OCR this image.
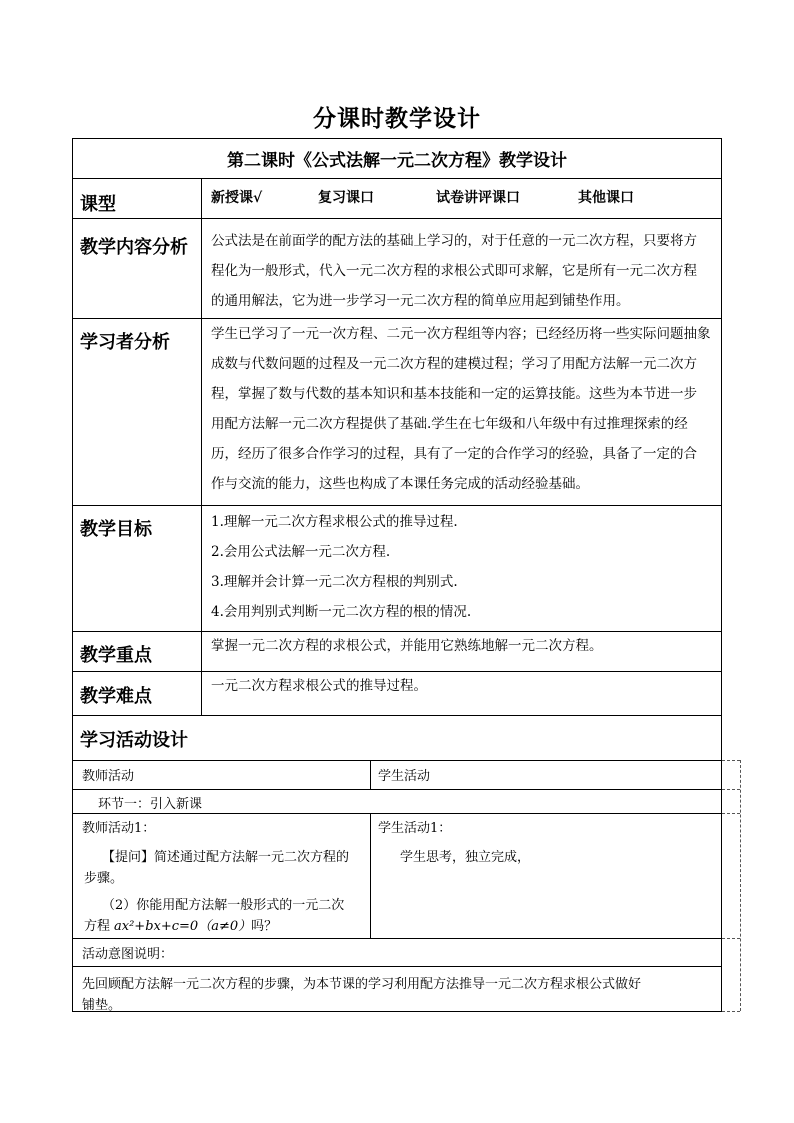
分课时教学设计
第二课时《公式法解一元二次方程》教学设计
课型	新授课√	复习课口	试卷讲评课口	其他课口
教学内容分析 公式法是在前面学的配方法的基础上学习的，对于任意的一元二次方程，只要将方
程化为一般形式，代入一元二次方程的求根公式即可求解，它是所有一元二次方程
的通用解法，它为进一步学习一元二次方程的简单应用起到铺垫作用。
学习者分析	学生已学习了一元一次方程、二元一次方程组等内容；已经经历将一些实际问题抽象
成数与代数问题的过程及一元二次方程的建模过程；学习了用配方法解一元二次方
程，掌握了数与代数的基本知识和基本技能和一定的运算技能。这些为本节进一步
用配方法解一元二次方程提供了基础.学生在七年级和八年级中有过推理探索的经
历，经历了很多合作学习的过程，具有了一定的合作学习的经验，具备了一定的合
作与交流的能力，这些也构成了本课任务完成的活动经验基础。
教学目标	1.理解一元二次方程求根公式的推导过程.
2.会用公式法解一元二次方程.
3.理解并会计算一元二次方程根的判别式.
4.会用判别式判断一元二次方程的根的情况.
教学重点	掌握一元二次方程的求根公式，并能用它熟练地解一元二次方程。
教学难点	一元二次方程求根公式的推导过程。
学习活动设计
教师活动	学生活动
环节一：引入新课
教师活动1：
【提问】简述通过配方法解一元二次方程的
步骤。
（2）你能用配方法解一般形式的一元二次
方程 ax²+bx+c=0（a≠0）吗？
学生活动1：
学生思考，独立完成，
活动意图说明：
先回顾配方法解一元二次方程的步骤，为本节课的学习利用配方法推导一元二次方程求根公式做好
铺垫。
